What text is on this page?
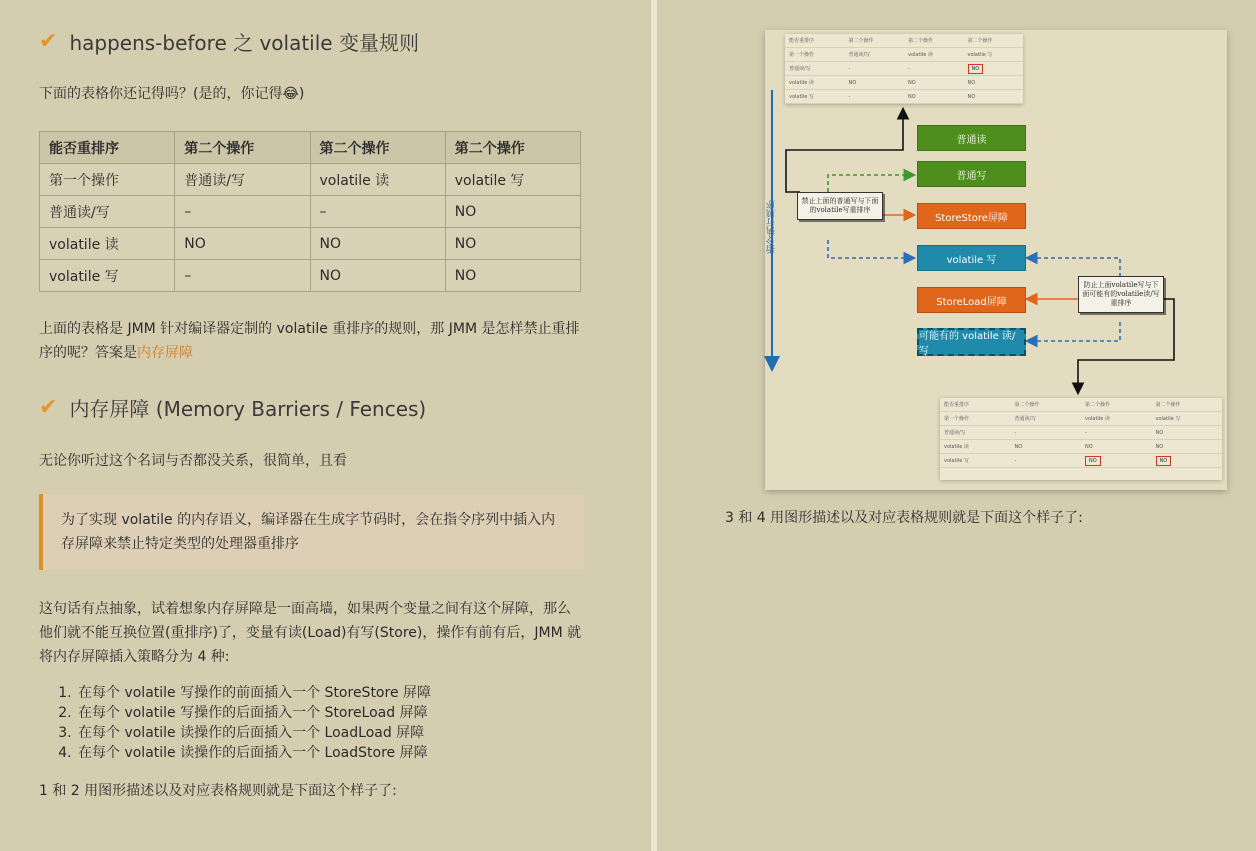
✔ happens-before 之 volatile 变量规则

下面的表格你还记得吗？(是的，你记得😂)

能否重排序	第二个操作	第二个操作	第二个操作
第一个操作	普通读/写	volatile 读	volatile 写
普通读/写	–	–	NO
volatile 读	NO	NO	NO
volatile 写	–	NO	NO

上面的表格是 JMM 针对编译器定制的 volatile 重排序的规则，那 JMM 是怎样禁止重排序的呢？答案是内存屏障

✔ 内存屏障 (Memory Barriers / Fences)

无论你听过这个名词与否都没关系，很简单，且看

为了实现 volatile 的内存语义，编译器在生成字节码时，会在指令序列中插入内存屏障来禁止特定类型的处理器重排序

这句话有点抽象，试着想象内存屏障是一面高墙，如果两个变量之间有这个屏障，那么他们就不能互换位置(重排序)了，变量有读(Load)有写(Store)，操作有前有后，JMM 就将内存屏障插入策略分为 4 种:

1. 在每个 volatile 写操作的前面插入一个 StoreStore 屏障
2. 在每个 volatile 写操作的后面插入一个 StoreLoad 屏障
3. 在每个 volatile 读操作的后面插入一个 LoadLoad 屏障
4. 在每个 volatile 读操作的后面插入一个 LoadStore 屏障

1 和 2 用图形描述以及对应表格规则就是下面这个样子了:

能否重排序	第二个操作	第二个操作	第二个操作
第一个操作	普通读/写	volatile 读	volatile 写
普通读/写	-	-	NO
volatile 读	NO	NO	NO
volatile 写	-	NO	NO
能否重排序	第二个操作	第二个操作	第二个操作
第一个操作	普通读/写	volatile 读	volatile 写
普通读/写	-	-	NO
volatile 读	NO	NO	NO
volatile 写	-	NO	NO
指令执行顺序
普通读
普通写
StoreStore屏障
volatile 写
StoreLoad屏障
可能有的 volatile 读/写
禁止上面的普通写与下面的volatile写重排序
防止上面volatile写与下面可能有的volatile读/写重排序

3 和 4 用图形描述以及对应表格规则就是下面这个样子了:
